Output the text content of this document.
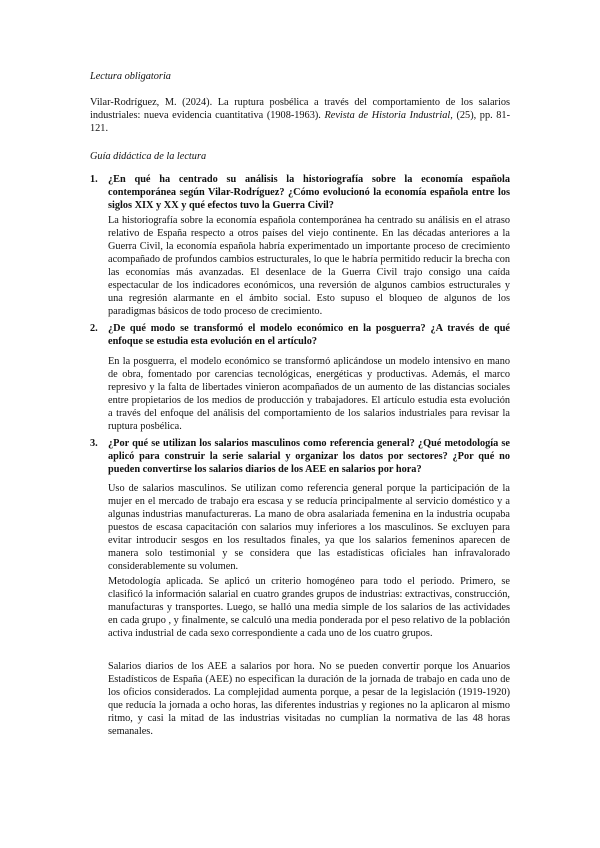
Lectura obligatoria
Vilar-Rodríguez, M. (2024). La ruptura posbélica a través del comportamiento de los salarios industriales: nueva evidencia cuantitativa (1908-1963). Revista de Historia Industrial, (25), pp. 81-121.
Guía didáctica de la lectura
1. ¿En qué ha centrado su análisis la historiografía sobre la economía española contemporánea según Vilar-Rodríguez? ¿Cómo evolucionó la economía española entre los siglos XIX y XX y qué efectos tuvo la Guerra Civil?
La historiografía sobre la economía española contemporánea ha centrado su análisis en el atraso relativo de España respecto a otros países del viejo continente. En las décadas anteriores a la Guerra Civil, la economía española habría experimentado un importante proceso de crecimiento acompañado de profundos cambios estructurales, lo que le habría permitido reducir la brecha con las economías más avanzadas. El desenlace de la Guerra Civil trajo consigo una caída espectacular de los indicadores económicos, una reversión de algunos cambios estructurales y una regresión alarmante en el ámbito social. Esto supuso el bloqueo de algunos de los paradigmas básicos de todo proceso de crecimiento.
2. ¿De qué modo se transformó el modelo económico en la posguerra? ¿A través de qué enfoque se estudia esta evolución en el artículo?
En la posguerra, el modelo económico se transformó aplicándose un modelo intensivo en mano de obra, fomentado por carencias tecnológicas, energéticas y productivas. Además, el marco represivo y la falta de libertades vinieron acompañados de un aumento de las distancias sociales entre propietarios de los medios de producción y trabajadores. El artículo estudia esta evolución a través del enfoque del análisis del comportamiento de los salarios industriales para revisar la ruptura posbélica.
3. ¿Por qué se utilizan los salarios masculinos como referencia general? ¿Qué metodología se aplicó para construir la serie salarial y organizar los datos por sectores? ¿Por qué no pueden convertirse los salarios diarios de los AEE en salarios por hora?
Uso de salarios masculinos. Se utilizan como referencia general porque la participación de la mujer en el mercado de trabajo era escasa y se reducía principalmente al servicio doméstico y a algunas industrias manufactureras. La mano de obra asalariada femenina en la industria ocupaba puestos de escasa capacitación con salarios muy inferiores a los masculinos. Se excluyen para evitar introducir sesgos en los resultados finales, ya que los salarios femeninos aparecen de manera solo testimonial y se considera que las estadísticas oficiales han infravalorado considerablemente su volumen.
Metodología aplicada. Se aplicó un criterio homogéneo para todo el periodo. Primero, se clasificó la información salarial en cuatro grandes grupos de industrias: extractivas, construcción, manufacturas y transportes. Luego, se halló una media simple de los salarios de las actividades en cada grupo , y finalmente, se calculó una media ponderada por el peso relativo de la población activa industrial de cada sexo correspondiente a cada uno de los cuatro grupos.
Salarios diarios de los AEE a salarios por hora. No se pueden convertir porque los Anuarios Estadísticos de España (AEE) no especifican la duración de la jornada de trabajo en cada uno de los oficios considerados. La complejidad aumenta porque, a pesar de la legislación (1919-1920) que reducía la jornada a ocho horas, las diferentes industrias y regiones no la aplicaron al mismo ritmo, y casi la mitad de las industrias visitadas no cumplían la normativa de las 48 horas semanales.
